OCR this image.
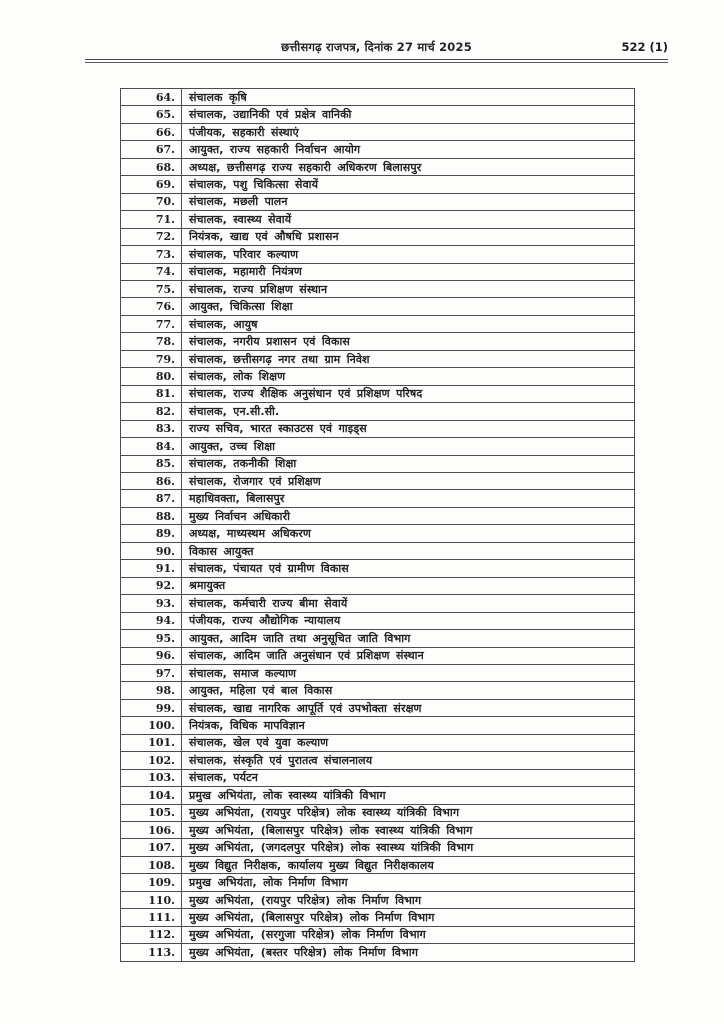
छत्तीसगढ़ राजपत्र, दिनांक 27 मार्च 2025	522 (1)
64.	संचालक कृषि
65.	संचालक, उद्यानिकी एवं प्रक्षेत्र वानिकी
66.	पंजीयक, सहकारी संस्थाएं
67.	आयुक्त, राज्य सहकारी निर्वाचन आयोग
68.	अध्यक्ष, छत्तीसगढ़ राज्य सहकारी अधिकरण बिलासपुर
69.	संचालक, पशु चिकित्सा सेवायें
70.	संचालक, मछली पालन
71.	संचालक, स्वास्थ्य सेवायें
72.	नियंत्रक, खाद्य एवं औषधि प्रशासन
73.	संचालक, परिवार कल्याण
74.	संचालक, महामारी नियंत्रण
75.	संचालक, राज्य प्रशिक्षण संस्थान
76.	आयुक्त, चिकित्सा शिक्षा
77.	संचालक, आयुष
78.	संचालक, नगरीय प्रशासन एवं विकास
79.	संचालक, छत्तीसगढ़ नगर तथा ग्राम निवेश
80.	संचालक, लोक शिक्षण
81.	संचालक, राज्य शैक्षिक अनुसंधान एवं प्रशिक्षण परिषद
82.	संचालक, एन.सी.सी.
83.	राज्य सचिव, भारत स्काउटस एवं गाइड्स
84.	आयुक्त, उच्च शिक्षा
85.	संचालक, तकनीकी शिक्षा
86.	संचालक, रोजगार एवं प्रशिक्षण
87.	महाधिवक्ता, बिलासपुर
88.	मुख्य निर्वाचन अधिकारी
89.	अध्यक्ष, माध्यस्थम अधिकरण
90.	विकास आयुक्त
91.	संचालक, पंचायत एवं ग्रामीण विकास
92.	श्रमायुक्त
93.	संचालक, कर्मचारी राज्य बीमा सेवायें
94.	पंजीयक, राज्य औद्योगिक न्यायालय
95.	आयुक्त, आदिम जाति तथा अनुसूचित जाति विभाग
96.	संचालक, आदिम जाति अनुसंधान एवं प्रशिक्षण संस्थान
97.	संचालक, समाज कल्याण
98.	आयुक्त, महिला एवं बाल विकास
99.	संचालक, खाद्य नागरिक आपूर्ति एवं उपभोक्ता संरक्षण
100.	नियंत्रक, विधिक मापविज्ञान
101.	संचालक, खेल एवं युवा कल्याण
102.	संचालक, संस्कृति एवं पुरातत्व संचालनालय
103.	संचालक, पर्यटन
104.	प्रमुख अभियंता, लोक स्वास्थ्य यांत्रिकी विभाग
105.	मुख्य अभियंता, (रायपुर परिक्षेत्र) लोक स्वास्थ्य यांत्रिकी विभाग
106.	मुख्य अभियंता, (बिलासपुर परिक्षेत्र) लोक स्वास्थ्य यांत्रिकी विभाग
107.	मुख्य अभियंता, (जगदलपुर परिक्षेत्र) लोक स्वास्थ्य यांत्रिकी विभाग
108.	मुख्य विद्युत निरीक्षक, कार्यालय मुख्य विद्युत निरीक्षकालय
109.	प्रमुख अभियंता, लोक निर्माण विभाग
110.	मुख्य अभियंता, (रायपुर परिक्षेत्र) लोक निर्माण विभाग
111.	मुख्य अभियंता, (बिलासपुर परिक्षेत्र) लोक निर्माण विभाग
112.	मुख्य अभियंता, (सरगुजा परिक्षेत्र) लोक निर्माण विभाग
113.	मुख्य अभियंता, (बस्तर परिक्षेत्र) लोक निर्माण विभाग
